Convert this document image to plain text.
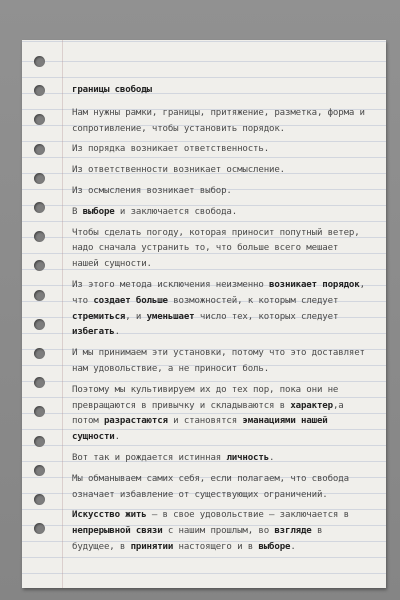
границы свободы

Нам нужны рамки, границы, притяжение, разметка, форма и сопротивление, чтобы установить порядок.

Из порядка возникает ответственность.

Из ответственности возникает осмысление.

Из осмысления возникает выбор.

В выборе и заключается свобода.

Чтобы сделать погоду, которая приносит попутный ветер, надо сначала устранить то, что больше всего мешает нашей сущности.

Из этого метода исключения неизменно возникает порядок, что создает больше возможностей, к которым следует стремиться, и уменьшает число тех, которых следует избегать.

И мы принимаем эти установки, потому что это доставляет нам удовольствие, а не приносит боль.

Поэтому мы культивируем их до тех пор, пока они не превращаются в привычку и складываются в характер,а потом разрастаются и становятся эманациями нашей сущности.

Вот так и рождается истинная личность.

Мы обманываем самих себя, если полагаем, что свобода означает избавление от существующих ограничений.

Искусство жить – в свое удовольствие – заключается в непрерывной связи с нашим прошлым, во взгляде в будущее, в принятии настоящего и в выборе.
